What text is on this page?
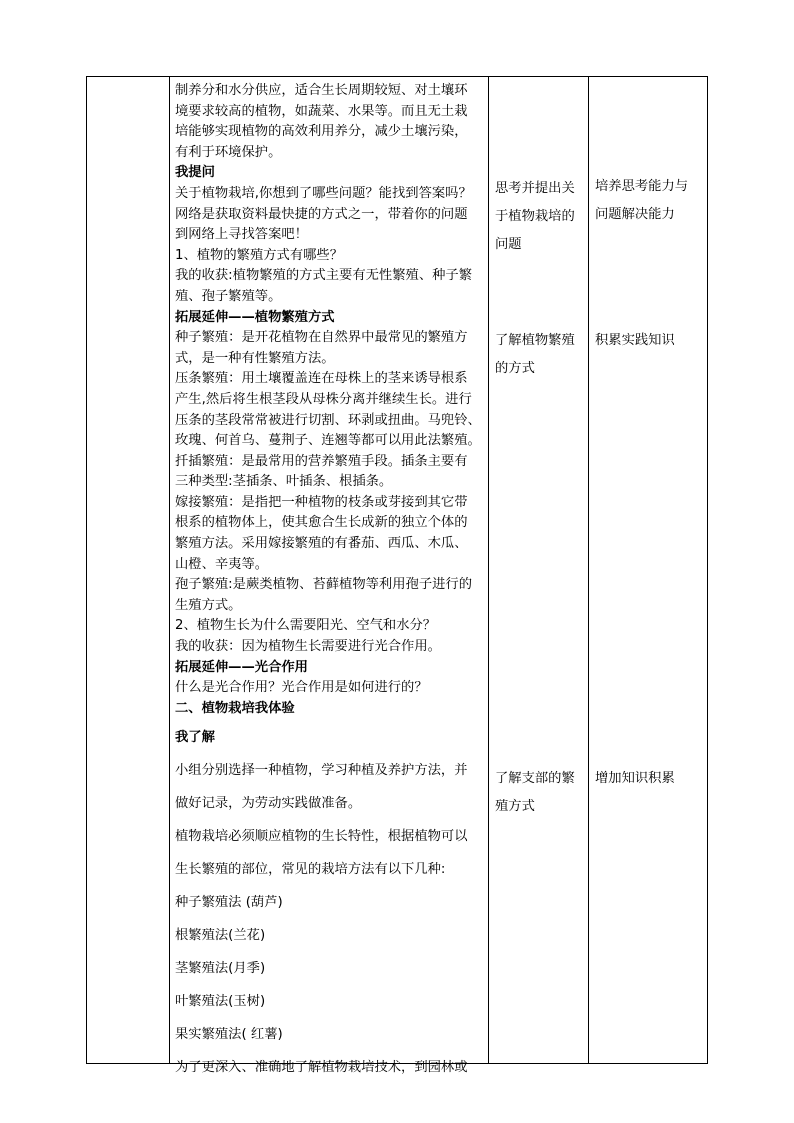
制养分和水分供应，适合生长周期较短、对土壤环
境要求较高的植物，如蔬菜、水果等。而且无土栽
培能够实现植物的高效利用养分，减少土壤污染，
有利于环境保护。
我提问
关于植物栽培,你想到了哪些问题？能找到答案吗？
网络是获取资料最快捷的方式之一，带着你的问题
到网络上寻找答案吧！
1、植物的繁殖方式有哪些？
我的收获:植物繁殖的方式主要有无性繁殖、种子繁
殖、孢子繁殖等。
拓展延伸——植物繁殖方式
种子繁殖：是开花植物在自然界中最常见的繁殖方
式，是一种有性繁殖方法。
压条繁殖：用土壤覆盖连在母株上的茎来诱导根系
产生,然后将生根茎段从母株分离并继续生长。进行
压条的茎段常常被进行切割、环剥或扭曲。马兜铃、
玫瑰、何首乌、蔓荆子、连翘等都可以用此法繁殖。
扦插繁殖：是最常用的营养繁殖手段。插条主要有
三种类型:茎插条、叶插条、根插条。
嫁接繁殖：是指把一种植物的枝条或芽接到其它带
根系的植物体上，使其愈合生长成新的独立个体的
繁殖方法。采用嫁接繁殖的有番茄、西瓜、木瓜、
山橙、辛夷等。
孢子繁殖:是蕨类植物、苔藓植物等利用孢子进行的
生殖方式。
2、植物生长为什么需要阳光、空气和水分？
我的收获：因为植物生长需要进行光合作用。
拓展延伸——光合作用
什么是光合作用？光合作用是如何进行的？
二、植物栽培我体验
我了解
小组分别选择一种植物，学习种植及养护方法，并
做好记录，为劳动实践做准备。
植物栽培必须顺应植物的生长特性，根据植物可以
生长繁殖的部位，常见的栽培方法有以下几种:
种子繁殖法 (葫芦)
根繁殖法(兰花)
茎繁殖法(月季)
叶繁殖法(玉树)
果实繁殖法( 红薯)
为了更深入、准确地了解植物栽培技术，到园林或
思考并提出关
于植物栽培的
问题
了解植物繁殖
的方式
了解支部的繁
殖方式
培养思考能力与
问题解决能力
积累实践知识
增加知识积累
